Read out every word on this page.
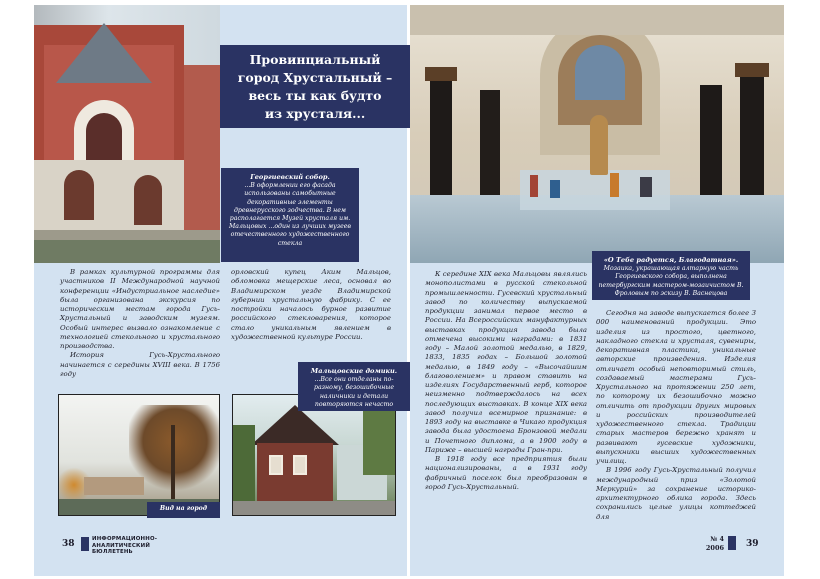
Провинциальный
город Хрустальный –
весь ты как будто
из хрусталя...
Георгиевский собор.
...В оформлении его фасада использованы самобытные декоративные элементы древнерусского зодчества. В нем располагается Музей хрусталя им. Мальцовых ...один из лучших музеев отечественного художественного стекла
«О Тебе радуется, Благодатная».
Мозаика, украшающая алтарную часть Георгиевского собора, выполнена петербургским мастером-мозаичистом В. Фроловым по эскизу В. Васнецова
Вид на город
Мальцовские домики.
...Все они отделаны по-разному, безошибочные наличники и детали повторяются нечасто

В рамках культурной программы для участников II Международной научной конференции «Индустриальное наследие» была организована экскурсия по историческим местам города Гусь-Хрустальный и заводским музеям. Особый интерес вызвало ознакомление с технологией стекольного и хрустального производства.

История Гусь-Хрустального начинается с середины XVIII века. В 1756 году

орловский купец Аким Мальцов, обломовка мещерские леса, основал во Владимирском уезде Владимирской губернии хрустальную фабрику. С ее постройки началось бурное развитие российского стекловарения, которое стало уникальным явлением в художественной культуре России.

К середине XIX века Мальцовы являлись монополистами в русской стекольной промышленности. Гусевский хрустальный завод по количеству выпускаемой продукции занимал первое место в России. На Всероссийских мануфактурных выставках продукция завода была отмечена высокими наградами: в 1831 году – Малой золотой медалью, в 1829, 1833, 1835 годах – Большой золотой медалью, в 1849 году – «Высочайшим благоволением» и правом ставить на изделиях Государственный герб, которое неизменно подтверждалось на всех последующих выставках. В конце XIX века завод получил всемирное признание: в 1893 году на выставке в Чикаго продукция завода была удостоена Бронзовой медали и Почетного диплома, а в 1900 году в Париже – высшей награды Гран-при.

В 1918 году все предприятия были национализированы, а в 1931 году фабричный поселок был преобразован в город Гусь-Хрустальный.

Сегодня на заводе выпускается более 3 000 наименований продукции. Это изделия из простого, цветного, накладного стекла и хрусталя, сувениры, декоративная пластика, уникальные авторские произведения. Изделия отличает особый неповторимый стиль, создаваемый мастерами Гусь-Хрустального на протяжении 250 лет, по которому их безошибочно можно отличить от продукции других мировых и российских производителей художественного стекла. Традиции старых мастеров бережно хранят и развивают гусевские художники, выпускники высших художественных училищ.

В 1996 году Гусь-Хрустальный получил международный приз «Золотой Меркурий» за сохранение историко-архитектурного облика города. Здесь сохранились целые улицы коттеджей для

38	ИНФОРМАЦИОННО-
АНАЛИТИЧЕСКИЙ
БЮЛЛЕТЕНЬ
№ 4
2006 39
